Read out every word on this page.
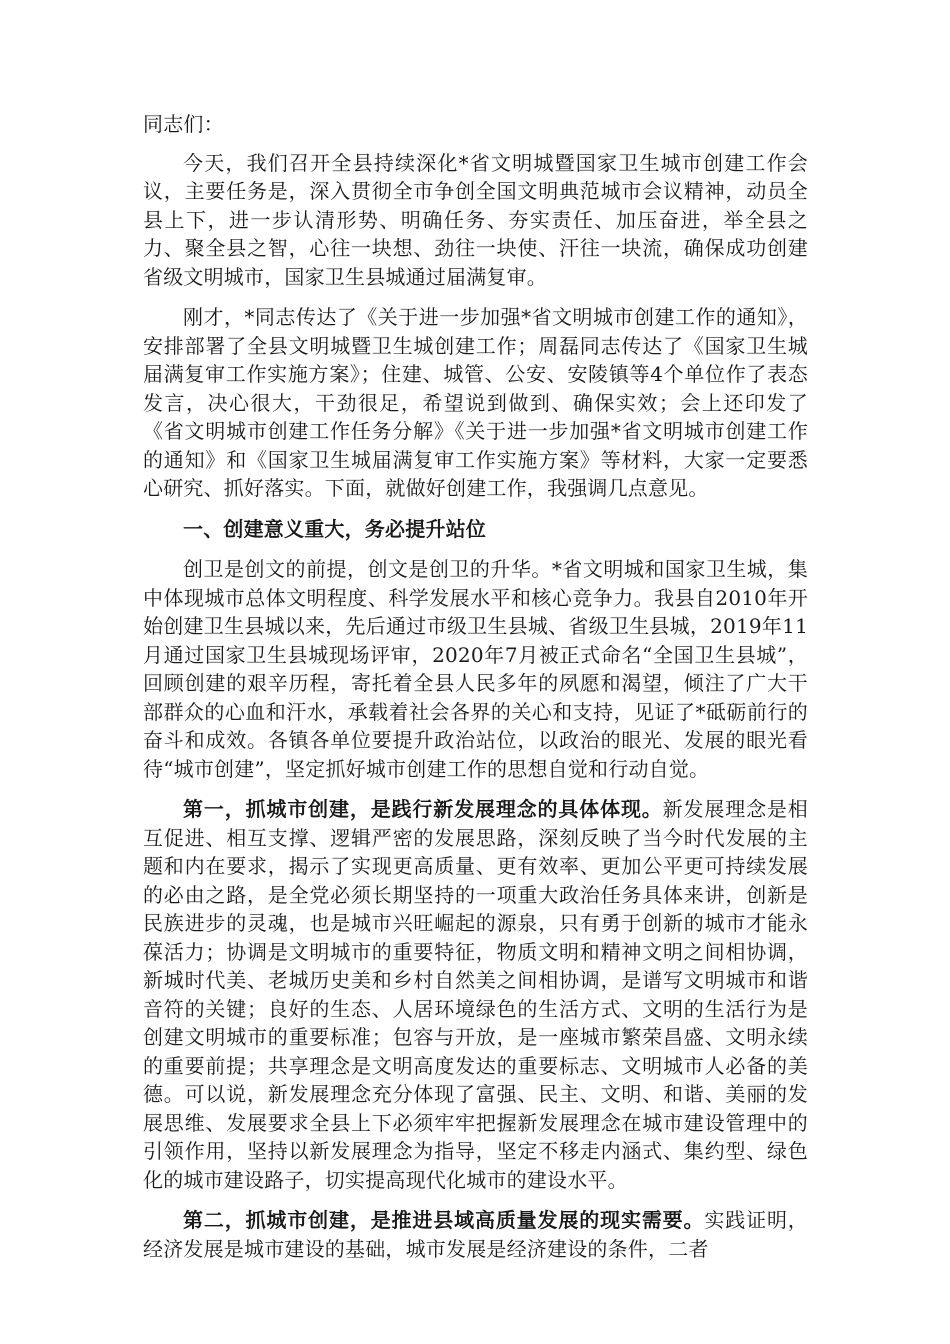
同志们：

今天，我们召开全县持续深化*省文明城暨国家卫生城市创建工作会议，主要任务是，深入贯彻全市争创全国文明典范城市会议精神，动员全县上下，进一步认清形势、明确任务、夯实责任、加压奋进，举全县之力、聚全县之智，心往一块想、劲往一块使、汗往一块流，确保成功创建省级文明城市，国家卫生县城通过届满复审。

刚才，*同志传达了《关于进一步加强*省文明城市创建工作的通知》，安排部署了全县文明城暨卫生城创建工作；周磊同志传达了《国家卫生城届满复审工作实施方案》；住建、城管、公安、安陵镇等4个单位作了表态发言，决心很大，干劲很足，希望说到做到、确保实效；会上还印发了《省文明城市创建工作任务分解》《关于进一步加强*省文明城市创建工作的通知》和《国家卫生城届满复审工作实施方案》等材料，大家一定要悉心研究、抓好落实。下面，就做好创建工作，我强调几点意见。

一、创建意义重大，务必提升站位

创卫是创文的前提，创文是创卫的升华。*省文明城和国家卫生城，集中体现城市总体文明程度、科学发展水平和核心竞争力。我县自2010年开始创建卫生县城以来，先后通过市级卫生县城、省级卫生县城，2019年11月通过国家卫生县城现场评审，2020年7月被正式命名“全国卫生县城”，回顾创建的艰辛历程，寄托着全县人民多年的夙愿和渴望，倾注了广大干部群众的心血和汗水，承载着社会各界的关心和支持，见证了*砥砺前行的奋斗和成效。各镇各单位要提升政治站位，以政治的眼光、发展的眼光看待“城市创建”，坚定抓好城市创建工作的思想自觉和行动自觉。

第一，抓城市创建，是践行新发展理念的具体体现。新发展理念是相互促进、相互支撑、逻辑严密的发展思路，深刻反映了当今时代发展的主题和内在要求，揭示了实现更高质量、更有效率、更加公平更可持续发展的必由之路，是全党必须长期坚持的一项重大政治任务具体来讲，创新是民族进步的灵魂，也是城市兴旺崛起的源泉，只有勇于创新的城市才能永葆活力；协调是文明城市的重要特征，物质文明和精神文明之间相协调，新城时代美、老城历史美和乡村自然美之间相协调，是谱写文明城市和谐音符的关键；良好的生态、人居环境绿色的生活方式、文明的生活行为是创建文明城市的重要标准；包容与开放，是一座城市繁荣昌盛、文明永续的重要前提；共享理念是文明高度发达的重要标志、文明城市人必备的美德。可以说，新发展理念充分体现了富强、民主、文明、和谐、美丽的发展思维、发展要求全县上下必须牢牢把握新发展理念在城市建设管理中的引领作用，坚持以新发展理念为指导，坚定不移走内涵式、集约型、绿色化的城市建设路子，切实提高现代化城市的建设水平。

第二，抓城市创建，是推进县域高质量发展的现实需要。实践证明，经济发展是城市建设的基础，城市发展是经济建设的条件，二者
